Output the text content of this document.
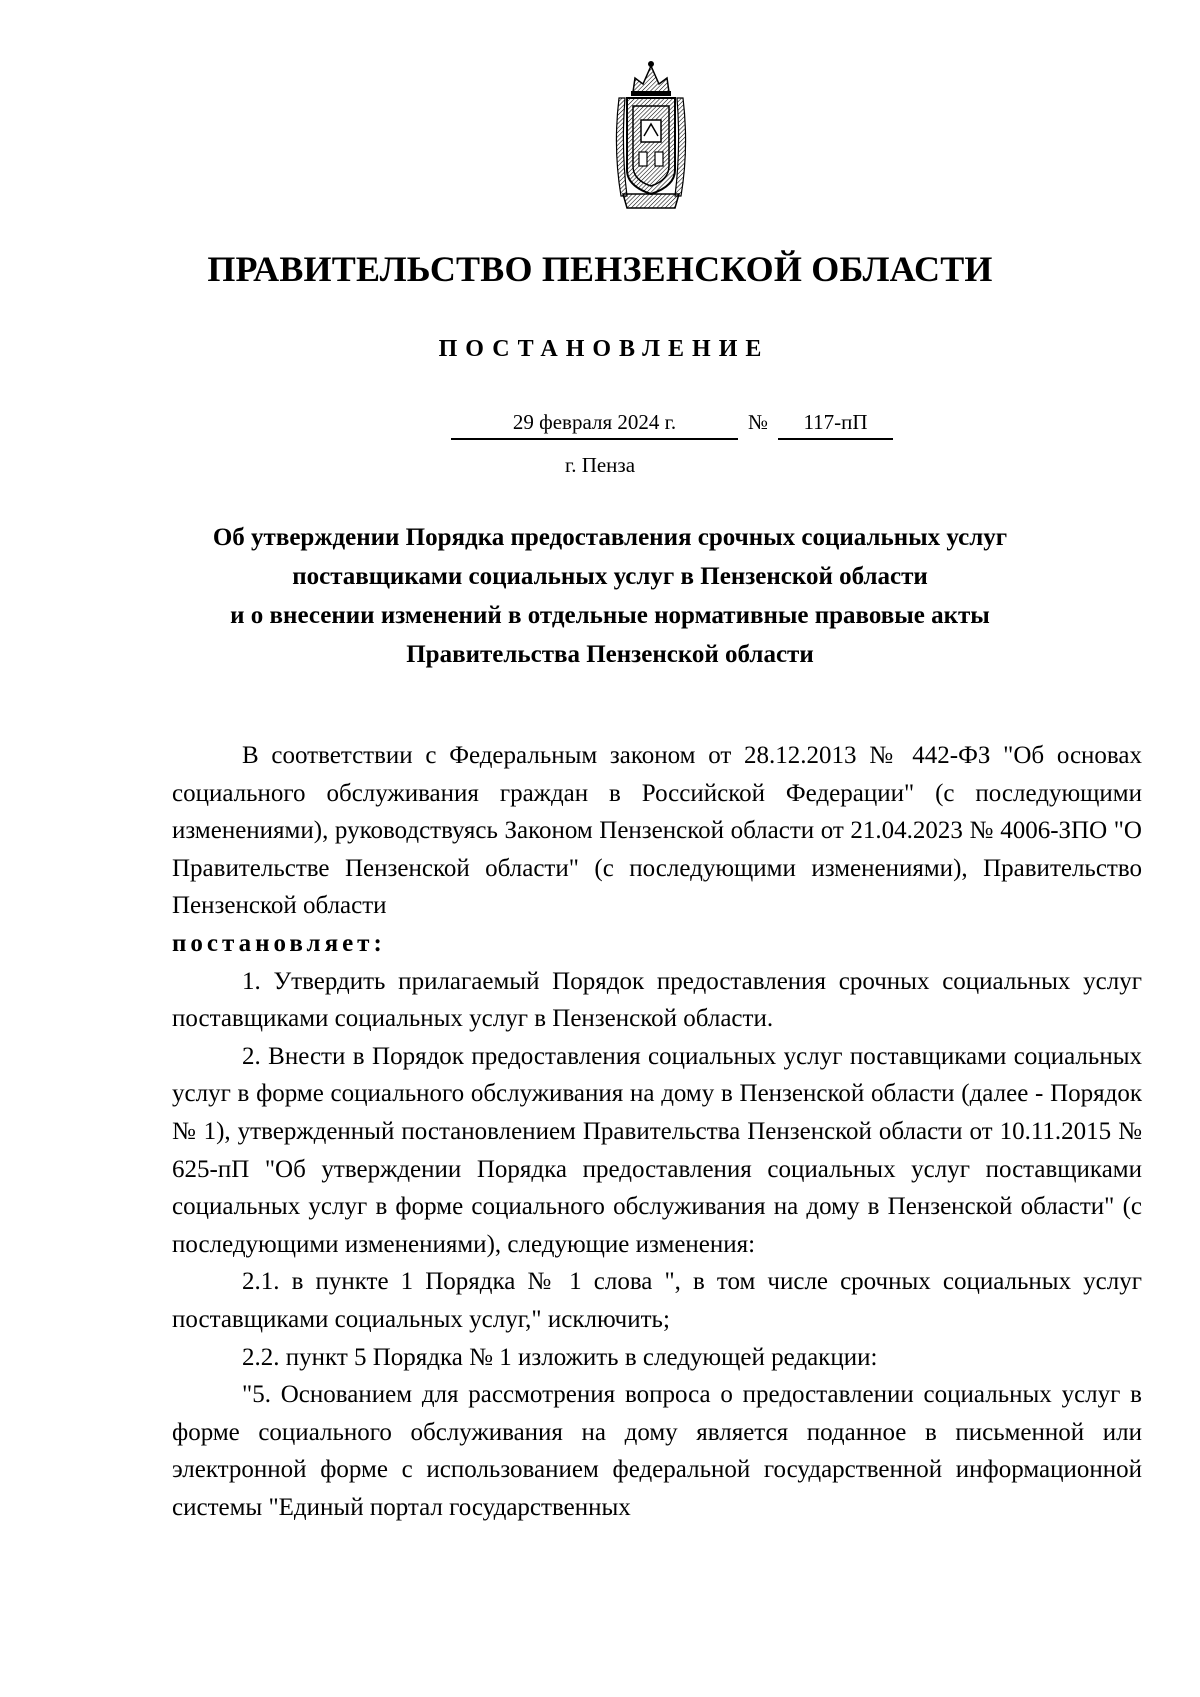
ПРАВИТЕЛЬСТВО ПЕНЗЕНСКОЙ ОБЛАСТИ
ПОСТАНОВЛЕНИЕ
29 февраля 2024 г.	№	117-пП
г. Пенза
Об утверждении Порядка предоставления срочных социальных услуг
поставщиками социальных услуг в Пензенской области
и о внесении изменений в отдельные нормативные правовые акты
Правительства Пензенской области

В соответствии с Федеральным законом от 28.12.2013 № 442-ФЗ "Об основах социального обслуживания граждан в Российской Федерации" (с последующими изменениями), руководствуясь Законом Пензенской области от 21.04.2023 № 4006-ЗПО "О Правительстве Пензенской области" (с последующими изменениями), Правительство Пензенской области
постановляет:

1. Утвердить прилагаемый Порядок предоставления срочных социальных услуг поставщиками социальных услуг в Пензенской области.

2. Внести в Порядок предоставления социальных услуг поставщиками социальных услуг в форме социального обслуживания на дому в Пензенской области (далее - Порядок № 1), утвержденный постановлением Правительства Пензенской области от 10.11.2015 № 625-пП "Об утверждении Порядка предоставления социальных услуг поставщиками социальных услуг в форме социального обслуживания на дому в Пензенской области" (с последующими изменениями), следующие изменения:

2.1. в пункте 1 Порядка № 1 слова ", в том числе срочных социальных услуг поставщиками социальных услуг," исключить;

2.2. пункт 5 Порядка № 1 изложить в следующей редакции:

"5. Основанием для рассмотрения вопроса о предоставлении социальных услуг в форме социального обслуживания на дому является поданное в письменной или электронной форме с использованием федеральной государственной информационной системы "Единый портал государственных
